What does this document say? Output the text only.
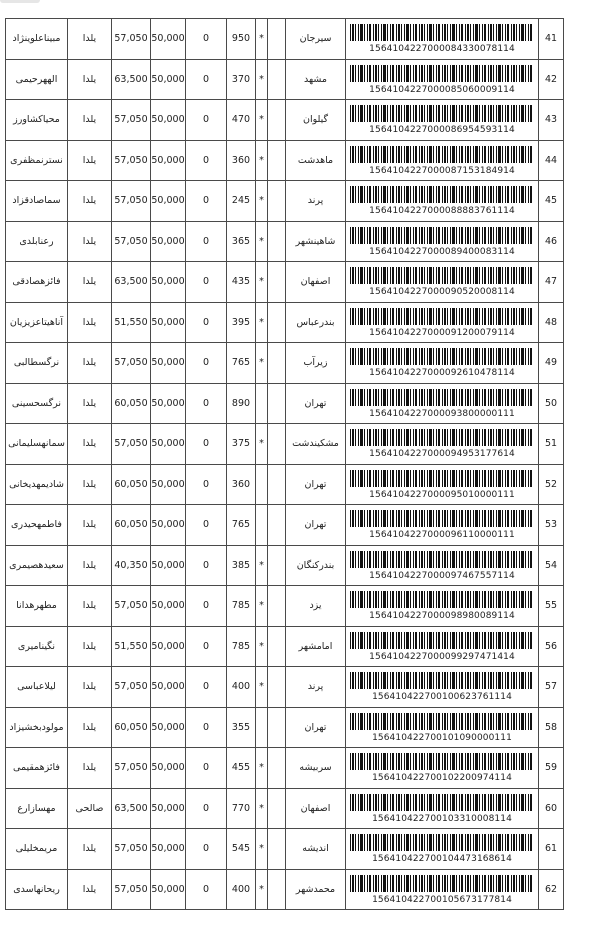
مبیناعلوینژاد	یلدا	57,050	50,000	0	950	*		سیرجان	1564104227000084330078114	41
الههرحیمی	یلدا	63,500	50,000	0	370	*		مشهد	1564104227000085060009114	42
محیاکشاورز	یلدا	57,050	50,000	0	470	*		گیلوان	1564104227000086954593114	43
نسترنمظفری	یلدا	57,050	50,000	0	360	*		ماهدشت	1564104227000087153184914	44
سماصادقزاد	یلدا	57,050	50,000	0	245	*		پرند	1564104227000088883761114	45
رعنابلدی	یلدا	57,050	50,000	0	365	*		شاهینشهر	1564104227000089400083114	46
فائزهصادقی	یلدا	63,500	50,000	0	435	*		اصفهان	1564104227000090520008114	47
آناهیتاعزیزیان	یلدا	51,550	50,000	0	395	*		بندرعباس	1564104227000091200079114	48
نرگسطالبی	یلدا	57,050	50,000	0	765	*		زیرآب	1564104227000092610478114	49
نرگسحسینی	یلدا	60,050	50,000	0	890			تهران	1564104227000093800000111	50
سمانهسلیمانی	یلدا	57,050	50,000	0	375	*		مشکیندشت	1564104227000094953177614	51
شادیمهدیخانی	یلدا	60,050	50,000	0	360			تهران	1564104227000095010000111	52
فاطمهحیدری	یلدا	60,050	50,000	0	765			تهران	1564104227000096110000111	53
سعیدهصیمری	یلدا	40,350	50,000	0	385	*		بندرکنگان	1564104227000097467557114	54
مطهرهدانا	یلدا	57,050	50,000	0	785	*		یزد	1564104227000098980089114	55
نگینامیری	یلدا	51,550	50,000	0	785	*		امامشهر	1564104227000099297471414	56
لیلاعباسی	یلدا	57,050	50,000	0	400	*		پرند	156410422700100623761114	57
مولودبخشیزاد	یلدا	60,050	50,000	0	355			تهران	156410422700101090000111	58
فائزهمقیمی	یلدا	57,050	50,000	0	455	*		سربیشه	156410422700102200974114	59
مهسازارع	صالحی	63,500	50,000	0	770	*		اصفهان	156410422700103310008114	60
مریمخلیلی	یلدا	57,050	50,000	0	545	*		اندیشه	156410422700104473168614	61
ریحانهاسدی	یلدا	57,050	50,000	0	400	*		محمدشهر	156410422700105673177814	62
